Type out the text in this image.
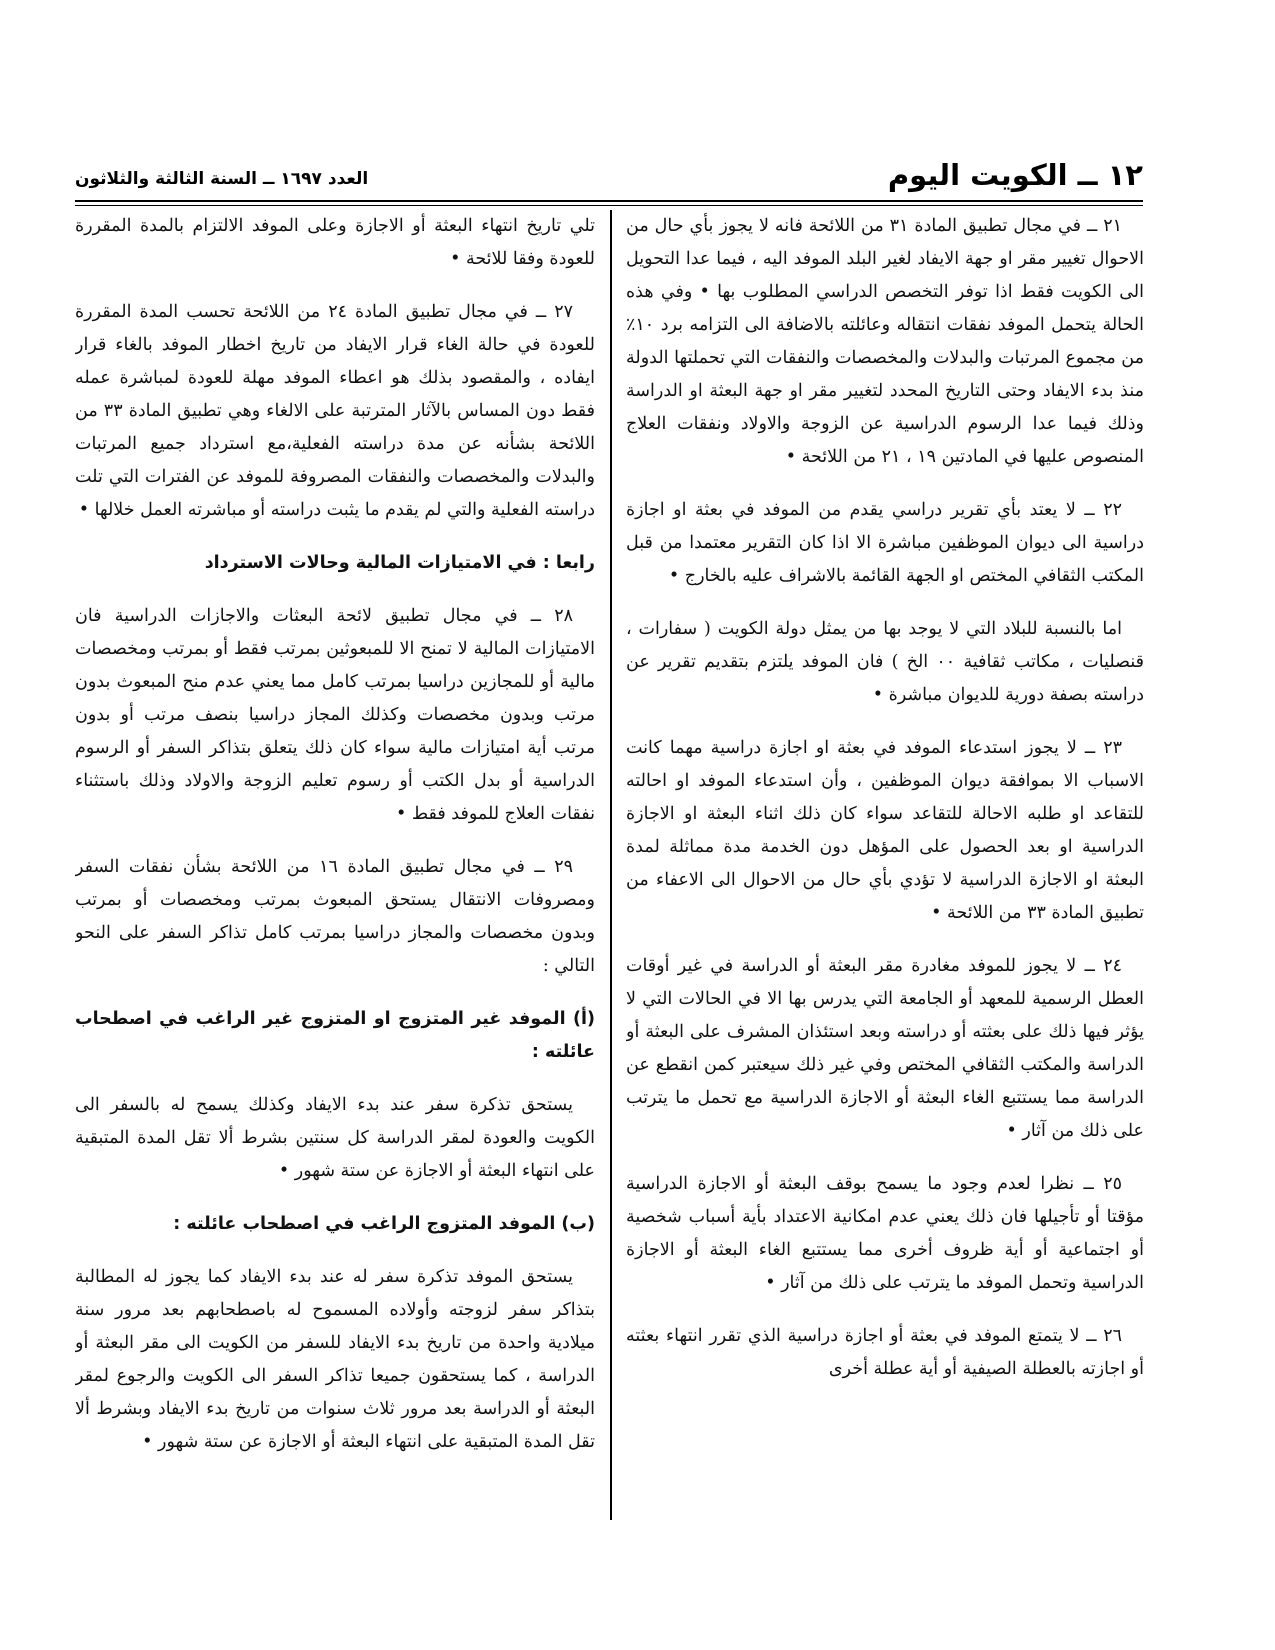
١٢ ــ الكويت اليوم
العدد ١٦٩٧ ــ السنة الثالثة والثلاثون

٢١ ــ في مجال تطبيق المادة ٣١ من اللائحة فانه لا يجوز بأي حال من الاحوال تغيير مقر او جهة الايفاد لغير البلد الموفد اليه ، فيما عدا التحويل الى الكويت فقط اذا توفر التخصص الدراسي المطلوب بها • وفي هذه الحالة يتحمل الموفد نفقات انتقاله وعائلته بالاضافة الى التزامه برد ١٠٪ من مجموع المرتبات والبدلات والمخصصات والنفقات التي تحملتها الدولة منذ بدء الايفاد وحتى التاريخ المحدد لتغيير مقر او جهة البعثة او الدراسة وذلك فيما عدا الرسوم الدراسية عن الزوجة والاولاد ونفقات العلاج المنصوص عليها في المادتين ١٩ ، ٢١ من اللائحة •

٢٢ ــ لا يعتد بأي تقرير دراسي يقدم من الموفد في بعثة او اجازة دراسية الى ديوان الموظفين مباشرة الا اذا كان التقرير معتمدا من قبل المكتب الثقافي المختص او الجهة القائمة بالاشراف عليه بالخارج •

اما بالنسبة للبلاد التي لا يوجد بها من يمثل دولة الكويت ( سفارات ، قنصليات ، مكاتب ثقافية ٠٠ الخ ) فان الموفد يلتزم بتقديم تقرير عن دراسته بصفة دورية للديوان مباشرة •

٢٣ ــ لا يجوز استدعاء الموفد في بعثة او اجازة دراسية مهما كانت الاسباب الا بموافقة ديوان الموظفين ، وأن استدعاء الموفد او احالته للتقاعد او طلبه الاحالة للتقاعد سواء كان ذلك اثناء البعثة او الاجازة الدراسية او بعد الحصول على المؤهل دون الخدمة مدة مماثلة لمدة البعثة او الاجازة الدراسية لا تؤدي بأي حال من الاحوال الى الاعفاء من تطبيق المادة ٣٣ من اللائحة •

٢٤ ــ لا يجوز للموفد مغادرة مقر البعثة أو الدراسة في غير أوقات العطل الرسمية للمعهد أو الجامعة التي يدرس بها الا في الحالات التي لا يؤثر فيها ذلك على بعثته أو دراسته وبعد استئذان المشرف على البعثة أو الدراسة والمكتب الثقافي المختص وفي غير ذلك سيعتبر كمن انقطع عن الدراسة مما يستتبع الغاء البعثة أو الاجازة الدراسية مع تحمل ما يترتب على ذلك من آثار •

٢٥ ــ نظرا لعدم وجود ما يسمح بوقف البعثة أو الاجازة الدراسية مؤقتا أو تأجيلها فان ذلك يعني عدم امكانية الاعتداد بأية أسباب شخصية أو اجتماعية أو أية ظروف أخرى مما يستتبع الغاء البعثة أو الاجازة الدراسية وتحمل الموفد ما يترتب على ذلك من آثار •

٢٦ ــ لا يتمتع الموفد في بعثة أو اجازة دراسية الذي تقرر انتهاء بعثته أو اجازته بالعطلة الصيفية أو أية عطلة أخرى

تلي تاريخ انتهاء البعثة أو الاجازة وعلى الموفد الالتزام بالمدة المقررة للعودة وفقا للائحة •

٢٧ ــ في مجال تطبيق المادة ٢٤ من اللائحة تحسب المدة المقررة للعودة في حالة الغاء قرار الايفاد من تاريخ اخطار الموفد بالغاء قرار ايفاده ، والمقصود بذلك هو اعطاء الموفد مهلة للعودة لمباشرة عمله فقط دون المساس بالآثار المترتبة على الالغاء وهي تطبيق المادة ٣٣ من اللائحة بشأنه عن مدة دراسته الفعلية،مع استرداد جميع المرتبات والبدلات والمخصصات والنفقات المصروفة للموفد عن الفترات التي تلت دراسته الفعلية والتي لم يقدم ما يثبت دراسته أو مباشرته العمل خلالها •

رابعا : في الامتيازات المالية وحالات الاسترداد

٢٨ ــ في مجال تطبيق لائحة البعثات والاجازات الدراسية فان الامتيازات المالية لا تمنح الا للمبعوثين بمرتب فقط أو بمرتب ومخصصات مالية أو للمجازين دراسيا بمرتب كامل مما يعني عدم منح المبعوث بدون مرتب وبدون مخصصات وكذلك المجاز دراسيا بنصف مرتب أو بدون مرتب أية امتيازات مالية سواء كان ذلك يتعلق بتذاكر السفر أو الرسوم الدراسية أو بدل الكتب أو رسوم تعليم الزوجة والاولاد وذلك باستثناء نفقات العلاج للموفد فقط •

٢٩ ــ في مجال تطبيق المادة ١٦ من اللائحة بشأن نفقات السفر ومصروفات الانتقال يستحق المبعوث بمرتب ومخصصات أو بمرتب وبدون مخصصات والمجاز دراسيا بمرتب كامل تذاكر السفر على النحو التالي :

(أ) الموفد غير المتزوج او المتزوج غير الراغب في اصطحاب عائلته :

يستحق تذكرة سفر عند بدء الايفاد وكذلك يسمح له بالسفر الى الكويت والعودة لمقر الدراسة كل سنتين بشرط ألا تقل المدة المتبقية على انتهاء البعثة أو الاجازة عن ستة شهور •

(ب) الموفد المتزوج الراغب في اصطحاب عائلته :

يستحق الموفد تذكرة سفر له عند بدء الايفاد كما يجوز له المطالبة بتذاكر سفر لزوجته وأولاده المسموح له باصطحابهم بعد مرور سنة ميلادية واحدة من تاريخ بدء الايفاد للسفر من الكويت الى مقر البعثة أو الدراسة ، كما يستحقون جميعا تذاكر السفر الى الكويت والرجوع لمقر البعثة أو الدراسة بعد مرور ثلاث سنوات من تاريخ بدء الايفاد وبشرط ألا تقل المدة المتبقية على انتهاء البعثة أو الاجازة عن ستة شهور •
